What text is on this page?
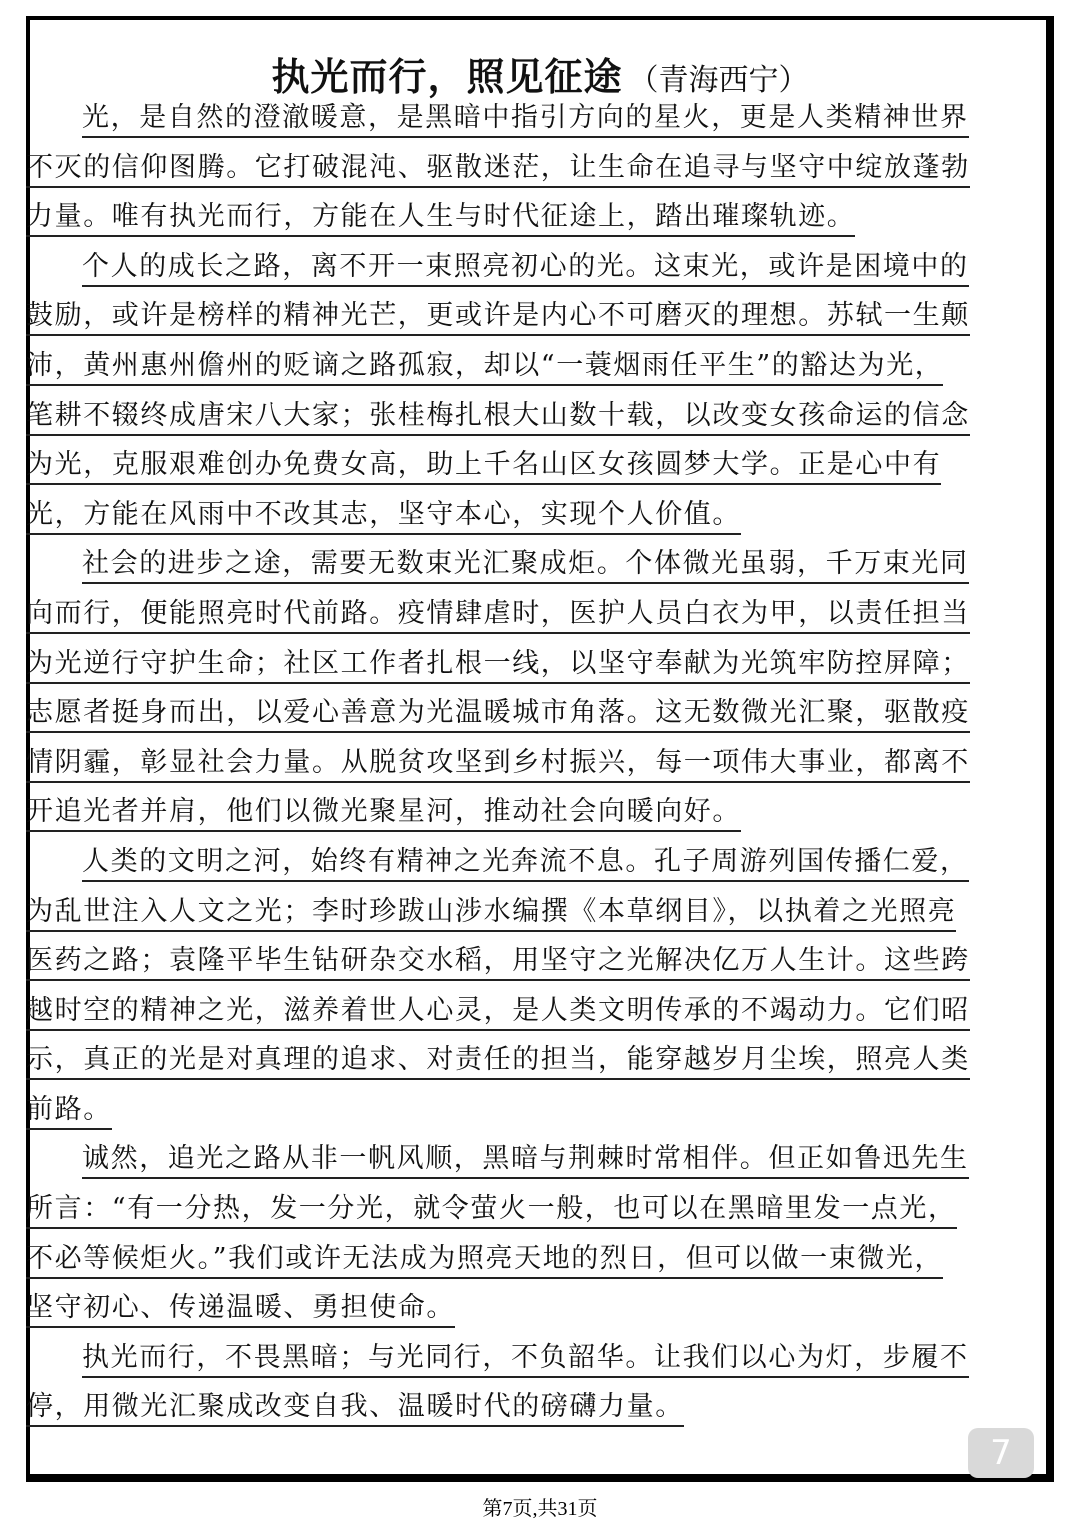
执光而行，照见征途 （青海西宁）
光，是自然的澄澈暖意，是黑暗中指引方向的星火，更是人类精神世界
不灭的信仰图腾。它打破混沌、驱散迷茫，让生命在追寻与坚守中绽放蓬勃
力量。唯有执光而行，方能在人生与时代征途上，踏出璀璨轨迹。
个人的成长之路，离不开一束照亮初心的光。这束光，或许是困境中的
鼓励，或许是榜样的精神光芒，更或许是内心不可磨灭的理想。苏轼一生颠
沛，黄州惠州儋州的贬谪之路孤寂，却以“一蓑烟雨任平生”的豁达为光，
笔耕不辍终成唐宋八大家；张桂梅扎根大山数十载，以改变女孩命运的信念
为光，克服艰难创办免费女高，助上千名山区女孩圆梦大学。正是心中有
光，方能在风雨中不改其志，坚守本心，实现个人价值。
社会的进步之途，需要无数束光汇聚成炬。个体微光虽弱，千万束光同
向而行，便能照亮时代前路。疫情肆虐时，医护人员白衣为甲，以责任担当
为光逆行守护生命；社区工作者扎根一线，以坚守奉献为光筑牢防控屏障；
志愿者挺身而出，以爱心善意为光温暖城市角落。这无数微光汇聚，驱散疫
情阴霾，彰显社会力量。从脱贫攻坚到乡村振兴，每一项伟大事业，都离不
开追光者并肩，他们以微光聚星河，推动社会向暖向好。
人类的文明之河，始终有精神之光奔流不息。孔子周游列国传播仁爱，
为乱世注入人文之光；李时珍跋山涉水编撰《本草纲目》，以执着之光照亮
医药之路；袁隆平毕生钻研杂交水稻，用坚守之光解决亿万人生计。这些跨
越时空的精神之光，滋养着世人心灵，是人类文明传承的不竭动力。它们昭
示，真正的光是对真理的追求、对责任的担当，能穿越岁月尘埃，照亮人类
前路。
诚然，追光之路从非一帆风顺，黑暗与荆棘时常相伴。但正如鲁迅先生
所言：“有一分热，发一分光，就令萤火一般，也可以在黑暗里发一点光，
不必等候炬火。”我们或许无法成为照亮天地的烈日，但可以做一束微光，
坚守初心、传递温暖、勇担使命。
执光而行，不畏黑暗；与光同行，不负韶华。让我们以心为灯，步履不
停，用微光汇聚成改变自我、温暖时代的磅礴力量。
7
第7页,共31页
